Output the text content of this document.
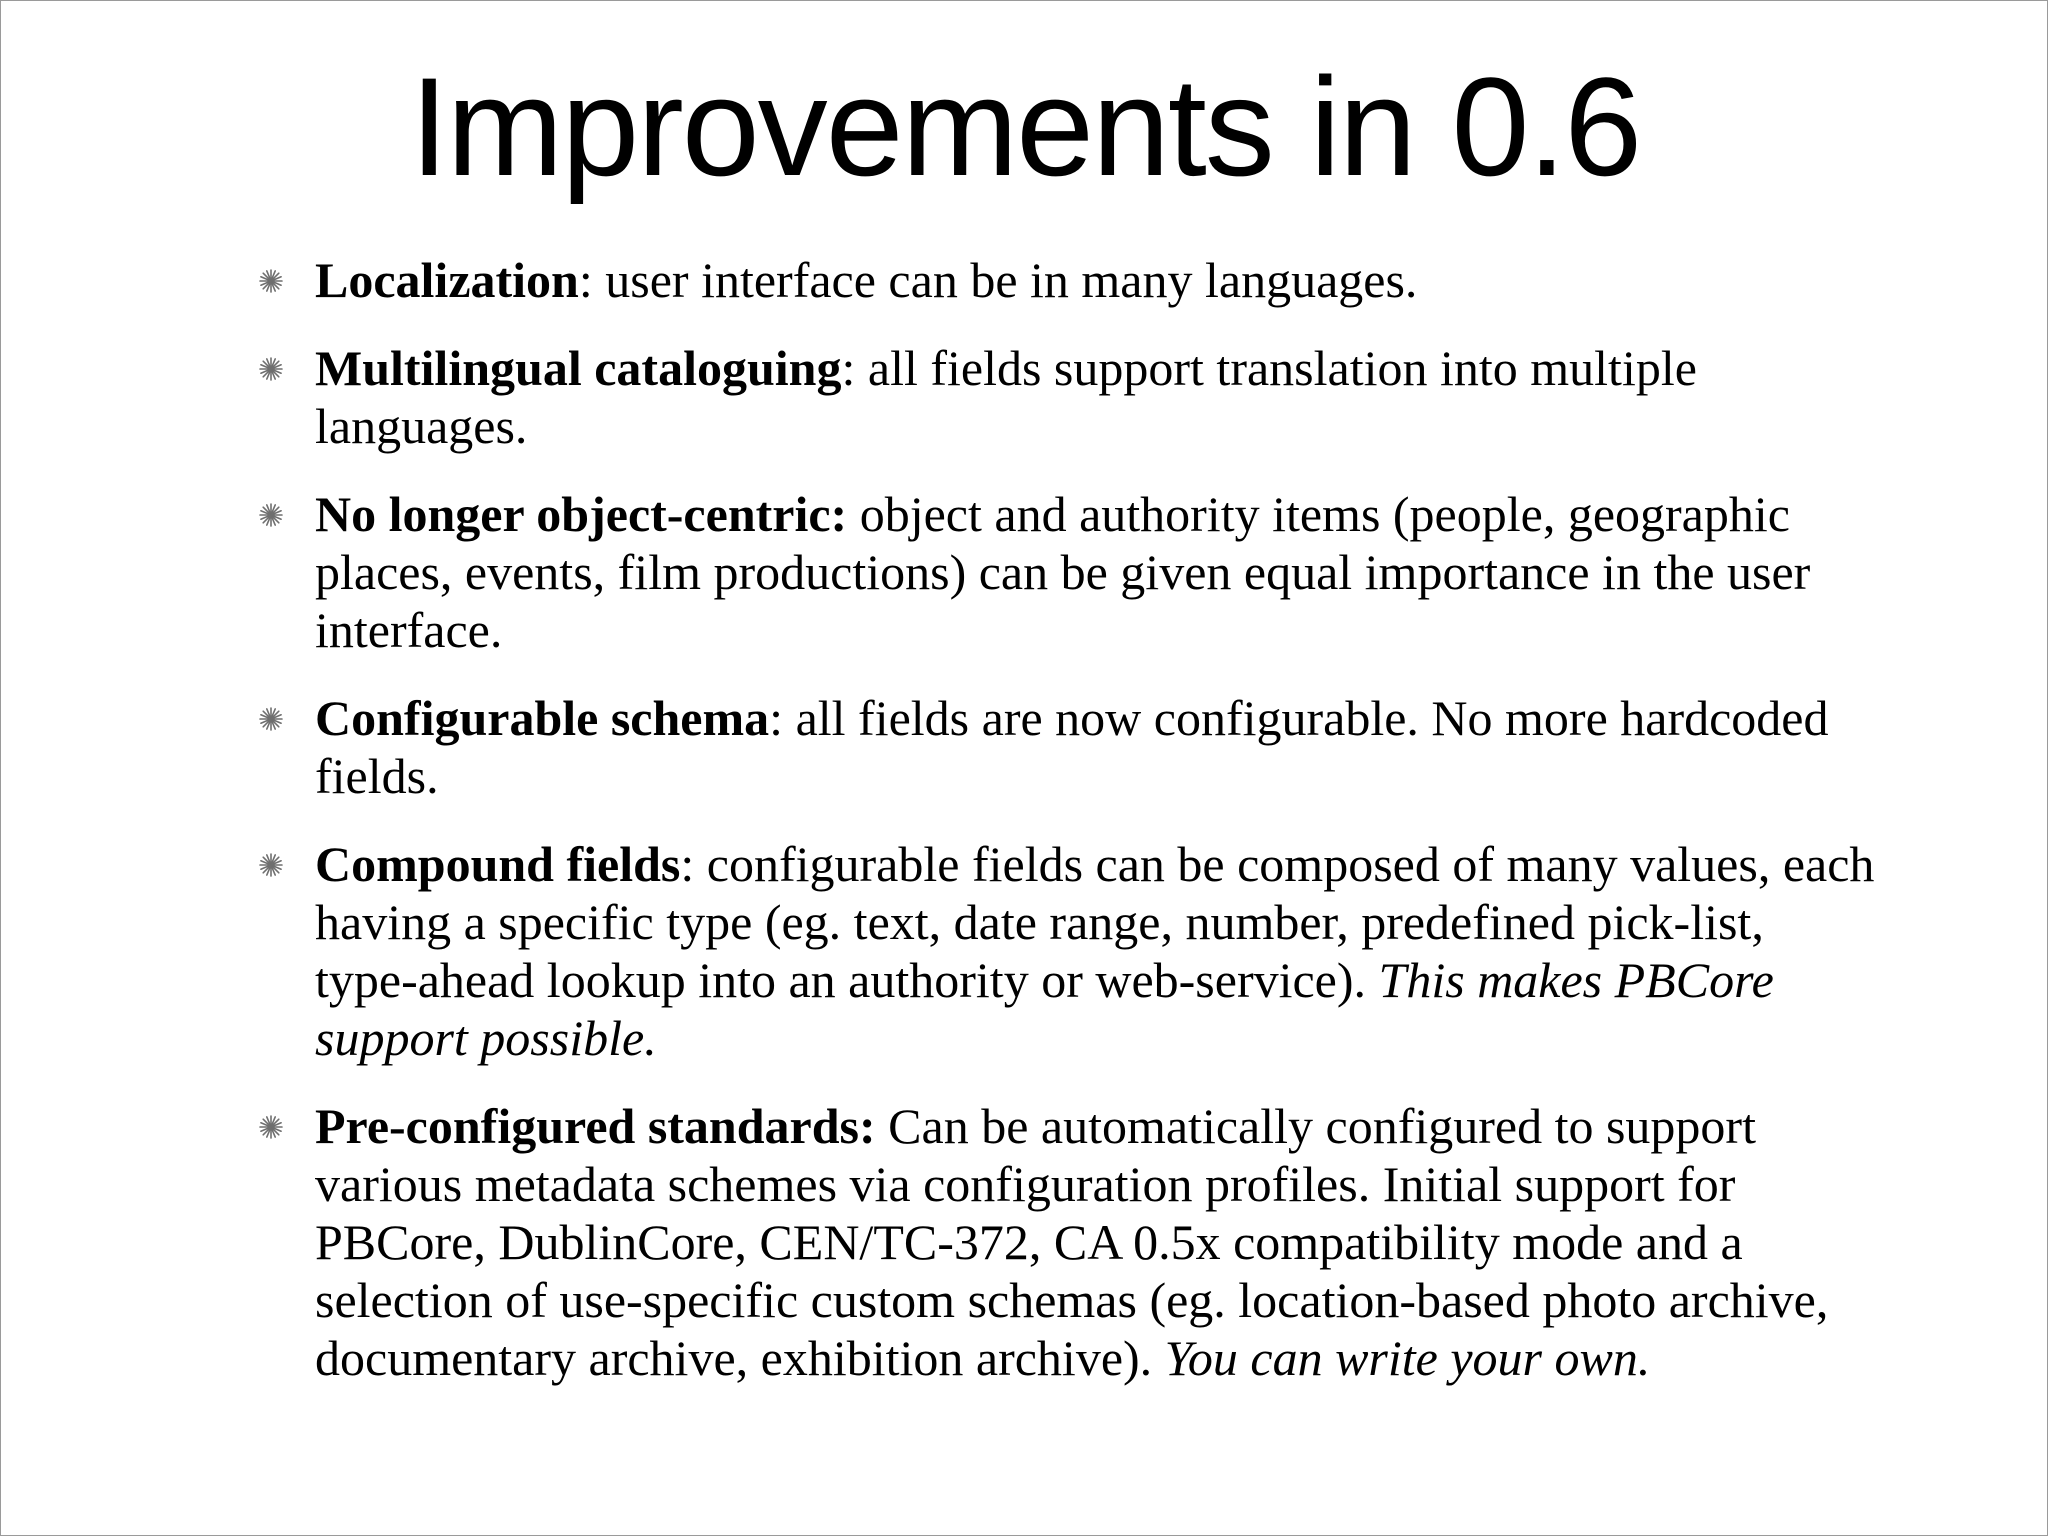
Improvements in 0.6
Localization: user interface can be in many languages.
Multilingual cataloguing: all fields support translation into multiple languages.
No longer object-centric: object and authority items (people, geographic places, events, film productions) can be given equal importance in the user interface.
Configurable schema: all fields are now configurable. No more hardcoded fields.
Compound fields: configurable fields can be composed of many values, each having a specific type (eg. text, date range, number, predefined pick-list, type-ahead lookup into an authority or web-service). This makes PBCore support possible.
Pre-configured standards: Can be automatically configured to support various metadata schemes via configuration profiles. Initial support for PBCore, DublinCore, CEN/TC-372, CA 0.5x compatibility mode and a selection of use-specific custom schemas (eg. location-based photo archive, documentary archive, exhibition archive). You can write your own.
